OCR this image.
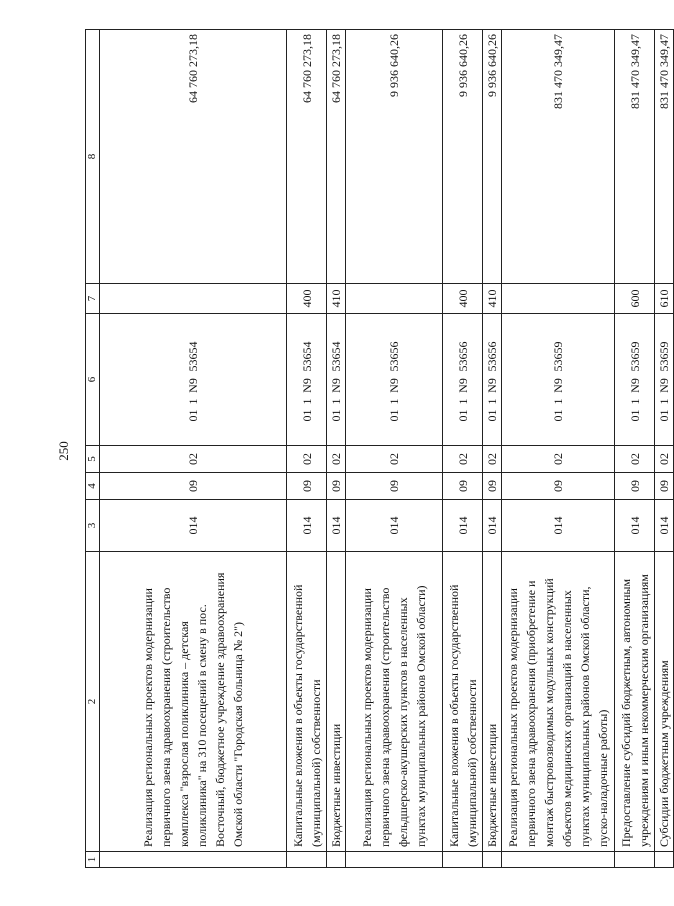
250
1	2	3	4	5	6	7	8
	Реализация региональных проектов модернизации первичного звена здравоохранения (строительство комплекса "взрослая поликлиника – детская поликлиника" на 310 посещений в смену в пос. Восточный, бюджетное учреждение здравоохранения Омской области "Городская больница № 2")	014	09	02	011N953654		64 760 273,18
	Капитальные вложения в объекты государственной (муниципальной) собственности	014	09	02	011N953654	400	64 760 273,18
	Бюджетные инвестиции	014	09	02	011N953654	410	64 760 273,18
	Реализация региональных проектов модернизации первичного звена здравоохранения (строительство фельдшерско-акушерских пунктов в населенных пунктах муниципальных районов Омской области)	014	09	02	011N953656		9 936 640,26
	Капитальные вложения в объекты государственной (муниципальной) собственности	014	09	02	011N953656	400	9 936 640,26
	Бюджетные инвестиции	014	09	02	011N953656	410	9 936 640,26
	Реализация региональных проектов модернизации первичного звена здравоохранения (приобретение и монтаж быстровозводимых модульных конструкций объектов медицинских организаций в населенных пунктах муниципальных районов Омской области, пуско-наладочные работы)	014	09	02	011N953659		831 470 349,47
	Предоставление субсидий бюджетным, автономным учреждениям и иным некоммерческим организациям	014	09	02	011N953659	600	831 470 349,47
	Субсидии бюджетным учреждениям	014	09	02	011N953659	610	831 470 349,47
